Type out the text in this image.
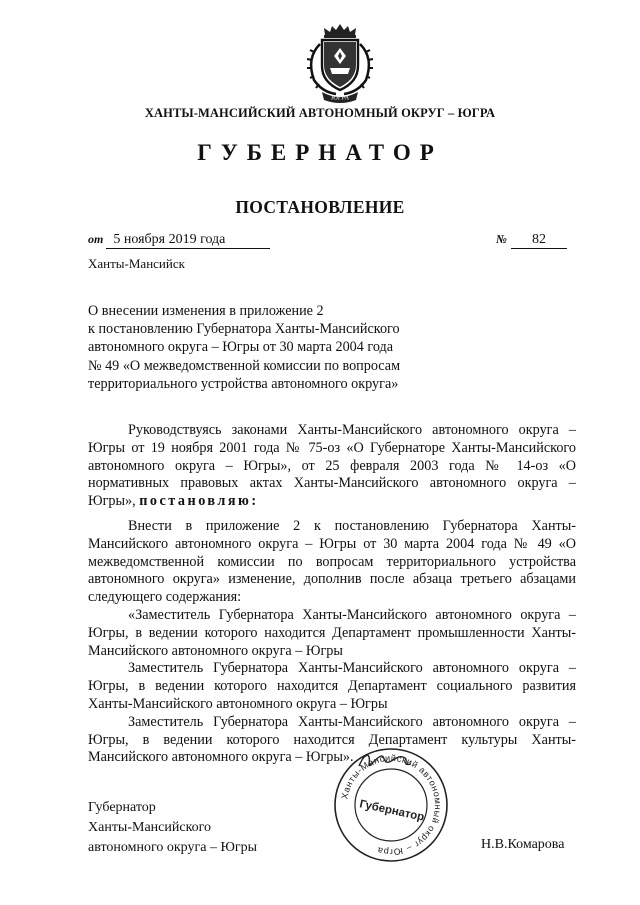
ЮГРА
ХАНТЫ-МАНСИЙСКИЙ АВТОНОМНЫЙ ОКРУГ – ЮГРА
ГУБЕРНАТОР
ПОСТАНОВЛЕНИЕ
от 5 ноября 2019 года	№ 82
Ханты-Мансийск
О внесении изменения в приложение 2
к постановлению Губернатора Ханты-Мансийского
автономного округа – Югры от 30 марта 2004 года
№ 49 «О межведомственной комиссии по вопросам
территориального устройства автономного округа»

Руководствуясь законами Ханты-Мансийского автономного округа – Югры от 19 ноября 2001 года № 75-оз «О Губернаторе Ханты-Мансийского автономного округа – Югры», от 25 февраля 2003 года № 14-оз «О нормативных правовых актах Ханты-Мансийского автономного округа – Югры», постановляю:

Внести в приложение 2 к постановлению Губернатора Ханты-Мансийского автономного округа – Югры от 30 марта 2004 года № 49 «О межведомственной комиссии по вопросам территориального устройства автономного округа» изменение, дополнив после абзаца третьего абзацами следующего содержания:

«Заместитель Губернатора Ханты-Мансийского автономного округа – Югры, в ведении которого находится Департамент промышленности Ханты-Мансийского автономного округа – Югры

Заместитель Губернатора Ханты-Мансийского автономного округа – Югры, в ведении которого находится Департамент социального развития Ханты-Мансийского автономного округа – Югры

Заместитель Губернатора Ханты-Мансийского автономного округа – Югры, в ведении которого находится Департамент культуры Ханты-Мансийского автономного округа – Югры».

Ханты-Мансийский автономный округ – Югра
Губернатор
Губернатор
Ханты-Мансийского
автономного округа – Югры	Н.В.Комарова
